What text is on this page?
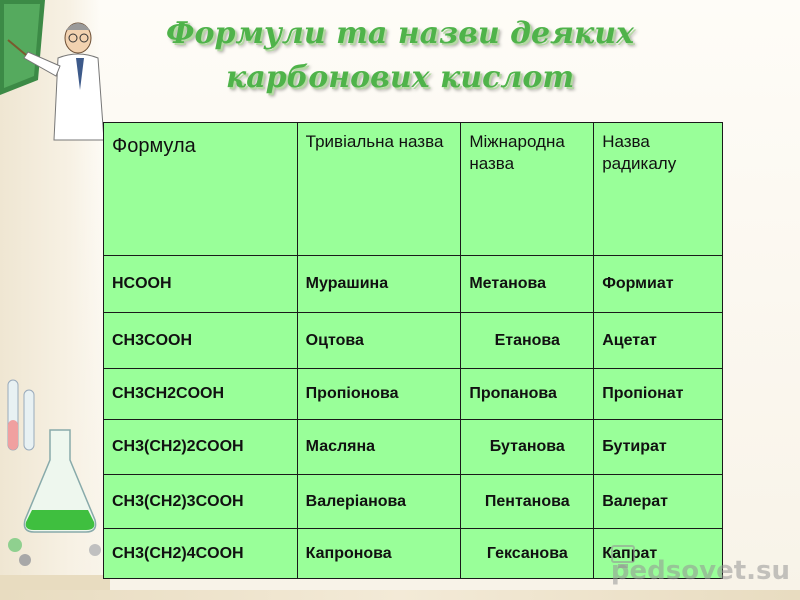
Формули та назви деяких
карбонових кислот
Формула	Тривіальна назва	Міжнародна назва	Назва радикалу
HCOOH	Мурашина	Метанова	Формиат
CH3COOH	Оцтова	Етанова	Ацетат
CH3CH2COOH	Пропіонова	Пропанова	Пропіонат
CH3(CH2)2COOH	Масляна	Бутанова	Бутират
CH3(CH2)3COOH	Валеріанова	Пентанова	Валерат
CH3(CH2)4COOH	Капронова	Гексанова	Капрат
pedsovet.su
